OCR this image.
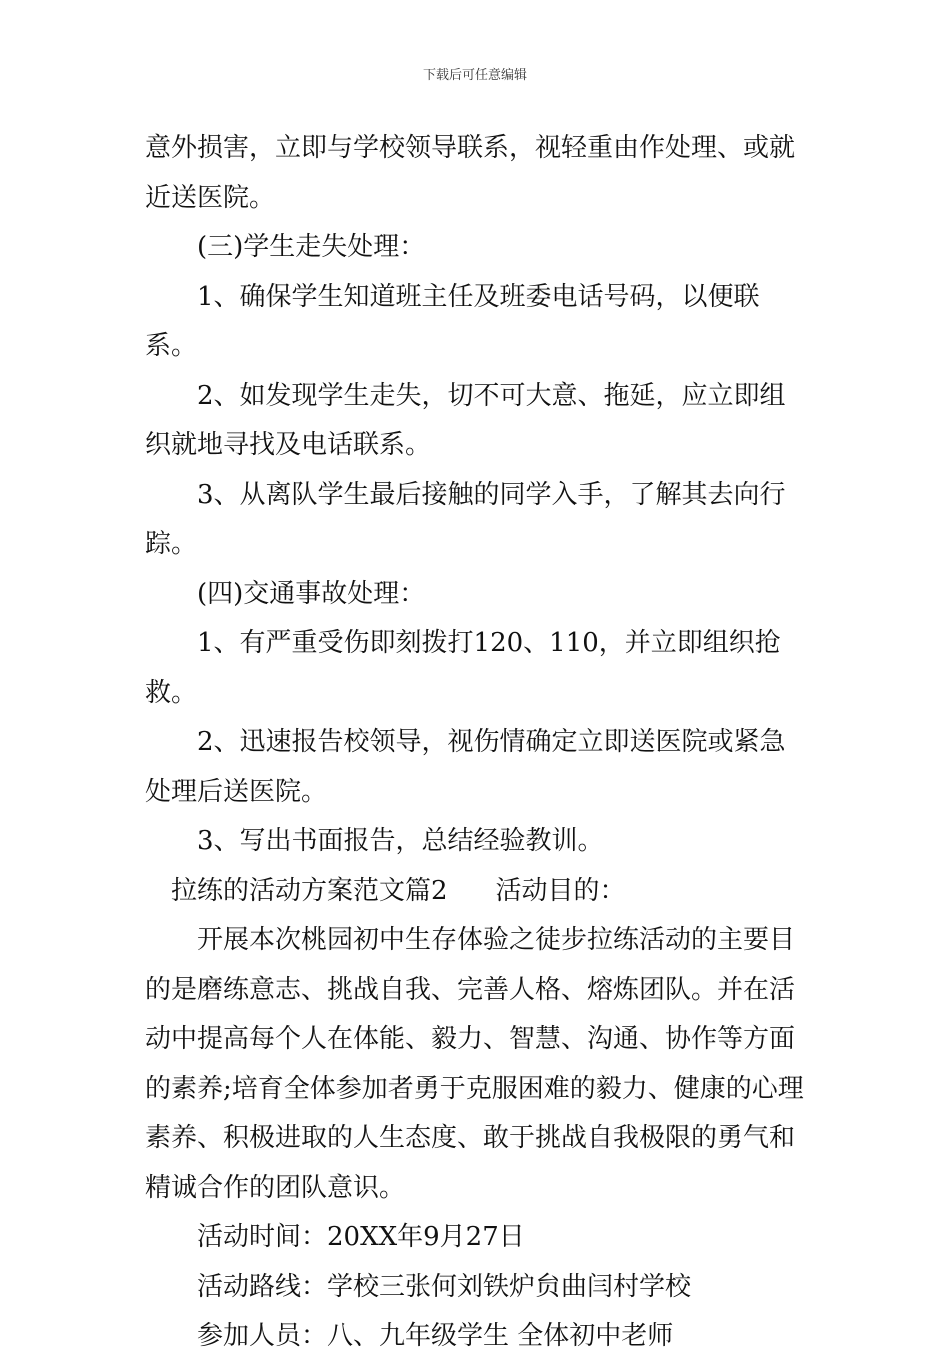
下载后可任意编辑

意外损害，立即与学校领导联系，视轻重由作处理、或就近送医院。

(三)学生走失处理：

1、确保学生知道班主任及班委电话号码，以便联系。

2、如发现学生走失，切不可大意、拖延，应立即组织就地寻找及电话联系。

3、从离队学生最后接触的同学入手，了解其去向行踪。

(四)交通事故处理：

1、有严重受伤即刻拨打120、110，并立即组织抢救。

2、迅速报告校领导，视伤情确定立即送医院或紧急处理后送医院。

3、写出书面报告，总结经验教训。

拉练的活动方案范文篇2 活动目的：

开展本次桃园初中生存体验之徒步拉练活动的主要目的是磨练意志、挑战自我、完善人格、熔炼团队。并在活动中提高每个人在体能、毅力、智慧、沟通、协作等方面的素养;培育全体参加者勇于克服困难的毅力、健康的心理素养、积极进取的人生态度、敢于挑战自我极限的勇气和精诚合作的团队意识。

活动时间：20XX年9月27日

活动路线：学校三张何刘铁炉贠曲闫村学校

参加人员：八、九年级学生 全体初中老师
